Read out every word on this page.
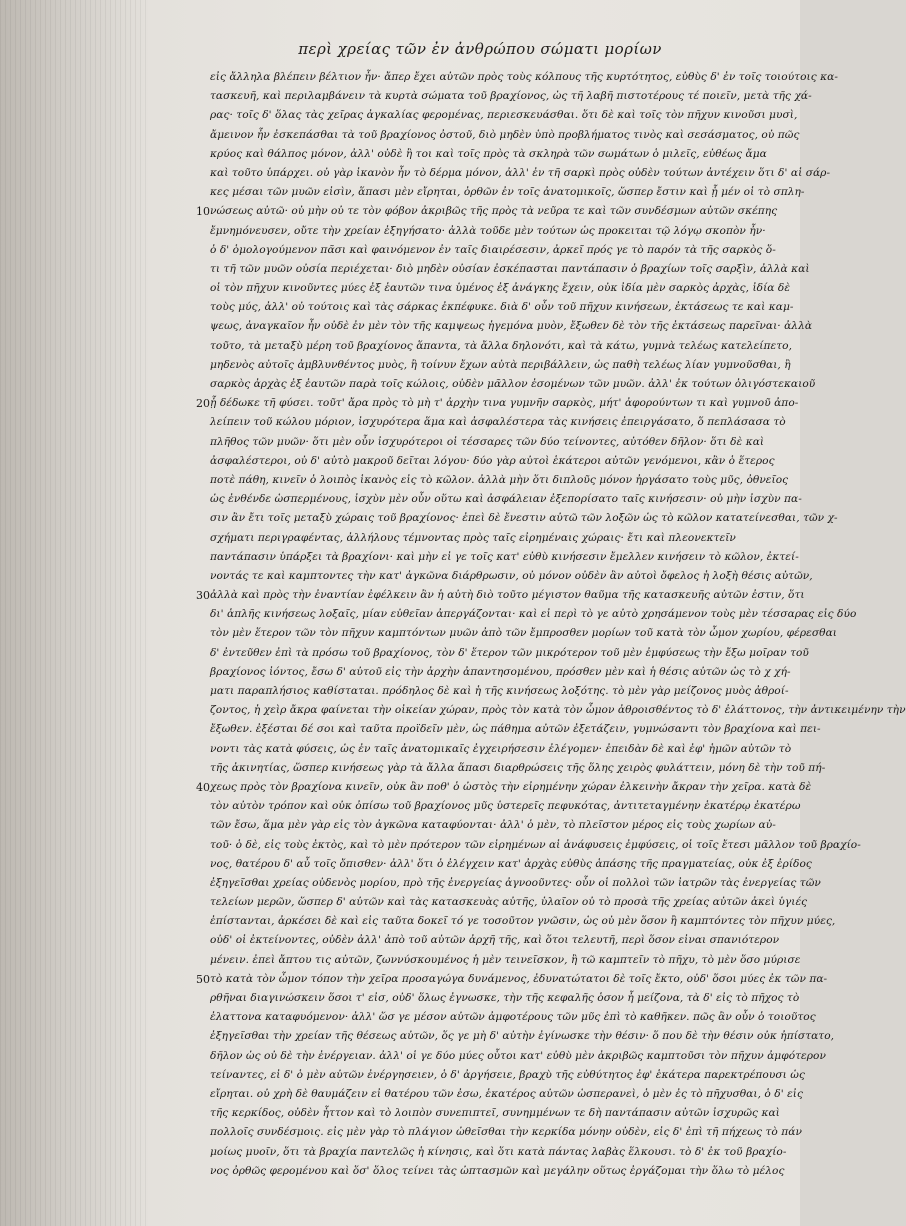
περὶ χρείας τῶν ἐν ἀνθρώπου σώματι μορίων
10
20
30
40
50
εἰς ἄλληλα βλέπειν βέλτιον ἦν· ἄπερ ἔχει αὐτῶν πρὸς τοὺς κόλπους τῆς κυρτότητος, εὐθὺς δ' ἐν τοῖς τοιούτοις κα-
τασκευῆ, καὶ περιλαμβάνειν τὰ κυρτὰ σώματα τοῦ βραχίονος, ὡς τῆ λαβῆ πιστοτέρους τέ ποιεῖν, μετὰ τῆς χά-
ρας· τοῖς δ' ὅλας τὰς χεῖρας ἀγκαλίας φερομένας, περιεσκευάσθαι. ὅτι δὲ καὶ τοῖς τὸν πῆχυν κινοῦσι μυσὶ,
ἄμεινον ἦν ἐσκεπάσθαι τὰ τοῦ βραχίονος ὀστοῦ, διὸ μηδὲν ὑπὸ προβλήματος τινὸς καὶ σεσάσματος, οὐ πῶς
κρύος καὶ θάλπος μόνον, ἀλλ' οὐδὲ ἢ τοι καὶ τοῖς πρὸς τὰ σκληρὰ τῶν σωμάτων ὁ μιλεῖς, εὐθέως ἄμα
καὶ τοῦτο ὑπάρχει. οὐ γὰρ ἱκανὸν ἦν τὸ δέρμα μόνον, ἀλλ' ἐν τῆ σαρκὶ πρὸς οὐδὲν τούτων ἀντέχειν ὅτι δ' αἱ σάρ-
κες μέσαι τῶν μυῶν εἰσὶν, ἅπασι μὲν εἴρηται, ὀρθῶν ἐν τοῖς ἀνατομικοῖς, ὥσπερ ἔστιν καὶ ᾗ μέν οἱ τὸ σπλη-
νώσεως αὐτῶ· οὐ μὴν οὐ τε τὸν φόβον ἀκριβῶς τῆς πρὸς τὰ νεῦρα τε καὶ τῶν συνδέσμων αὐτῶν σκέπης
ἔμνημόνευσεν, οὔτε τὴν χρείαν ἐξηγήσατο· ἀλλὰ τοῦδε μὲν τούτων ὡς προκειται τῷ λόγῳ σκοπὸν ἦν·
ὁ δ' ὁμολογούμενον πᾶσι καὶ φαινόμενον ἐν ταῖς διαιρέσεσιν, ἀρκεῖ πρός γε τὸ παρόν τὰ τῆς σαρκὸς ὅ-
τι τῆ τῶν μυῶν οὐσία περιέχεται· διὸ μηδὲν οὐσίαν ἐσκέπασται παντάπασιν ὁ βραχίων τοῖς σαρξὶν, ἀλλὰ καὶ
οἱ τὸν πῆχυν κινοῦντες μύες ἐξ ἑαυτῶν τινα ὑμένος ἐξ ἀνάγκης ἔχειν, οὐκ ἰδία μὲν σαρκὸς ἀρχὰς, ἰδία δὲ
τοὺς μύς, ἀλλ' οὐ τούτοις καὶ τὰς σάρκας ἐκπέφυκε. διὰ δ' οὖν τοῦ πῆχυν κινήσεων, ἐκτάσεως τε καὶ καμ-
ψεως, ἀναγκαῖον ἦν οὐδὲ ἐν μὲν τὸν τῆς καμψεως ἡγεμόνα μυὸν, ἔξωθεν δὲ τὸν τῆς ἐκτάσεως παρεῖναι· ἀλλὰ
τοῦτο, τὰ μεταξὺ μέρη τοῦ βραχίονος ἅπαντα, τὰ ἄλλα δηλονότι, καὶ τὰ κάτω, γυμνὰ τελέως κατελείπετο,
μηδενὸς αὐτοῖς ἀμβλυνθέντος μυὸς, ἢ τοίνυν ἔχων αὐτὰ περιβάλλειν, ὡς παθὴ τελέως λίαν γυμνοῦσθαι, ἢ
σαρκὸς ἀρχὰς ἐξ ἑαυτῶν παρὰ τοῖς κώλοις, οὐδὲν μᾶλλον ἐσομένων τῶν μυῶν. ἀλλ' ἐκ τούτων ὀλιγόστεκαιοῦ
ᾗ δέδωκε τῆ φύσει. τοῦτ' ἄρα πρὸς τὸ μὴ τ' ἀρχὴν τινα γυμνῆν σαρκὸς, μήτ' ἀφορούντων τι καὶ γυμνοῦ ἀπο-
λείπειν τοῦ κώλου μόριον, ἰσχυρότερα ἅμα καὶ ἀσφαλέστερα τὰς κινήσεις ἐπειργάσατο, ὅ πεπλάσασα τὸ
πλῆθος τῶν μυῶν· ὅτι μὲν οὖν ἰσχυρότεροι οἱ τέσσαρες τῶν δύο τείνοντες, αὐτόθεν δῆλον· ὅτι δὲ καὶ
ἀσφαλέστεροι, οὐ δ' αὐτὸ μακροῦ δεῖται λόγου· δύο γὰρ αὐτοὶ ἑκάτεροι αὐτῶν γενόμενοι, κἂν ὁ ἕτερος
ποτὲ πάθη, κινεῖν ὁ λοιπὸς ἱκανὸς εἰς τὸ κῶλον. ἀλλὰ μὴν ὅτι διπλοῦς μόνον ἠργάσατο τοὺς μῦς, ὀθνεῖος
ὡς ἐνθένδε ὡσπερμένους, ἰσχὺν μὲν οὖν οὕτω καὶ ἀσφάλειαν ἐξεπορίσατο ταῖς κινήσεσιν· οὐ μὴν ἰσχὺν πα-
σιν ἂν ἔτι τοῖς μεταξὺ χώραις τοῦ βραχίονος· ἐπεὶ δὲ ἔνεστιν αὐτῶ τῶν λοξῶν ὡς τὸ κῶλον κατατείνεσθαι, τῶν χ-
σχήματι περιγραφέντας, ἀλλήλους τέμνοντας πρὸς ταῖς εἰρημέναις χώραις· ἔτι καὶ πλεονεκτεῖν
παντάπασιν ὑπάρξει τὰ βραχίονι· καὶ μὴν εἰ γε τοῖς κατ' εὐθὺ κινήσεσιν ἔμελλεν κινήσειν τὸ κῶλον, ἐκτεί-
νοντάς τε καὶ καμπτοντες τὴν κατ' ἀγκῶνα διάρθρωσιν, οὐ μόνον οὐδὲν ἂν αὐτοὶ ὄφελος ἡ λοξὴ θέσις αὐτῶν,
ἀλλὰ καὶ πρὸς τὴν ἐναντίαν ἐφέλκειν ἂν ἡ αὐτὴ διὸ τοῦτο μέγιστον θαῦμα τῆς κατασκευῆς αὐτῶν ἐστιν, ὅτι
δι' ἁπλῆς κινήσεως λοξαῖς, μίαν εὐθεῖαν ἀπεργάζονται· καὶ εἰ περὶ τὸ γε αὐτὸ χρησάμενον τοὺς μὲν τέσσαρας εἰς δύο
τὸν μὲν ἕτερον τῶν τὸν πῆχυν καμπτόντων μυῶν ἀπὸ τῶν ἔμπροσθεν μορίων τοῦ κατὰ τὸν ὦμον χωρίου, φέρεσθαι
δ' ἐντεῦθεν ἐπὶ τὰ πρόσω τοῦ βραχίονος, τὸν δ' ἕτερον τῶν μικρότερον τοῦ μὲν ἐμφύσεως τὴν ἔξω μοῖραν τοῦ
βραχίονος ἰόντος, ἔσω δ' αὐτοῦ εἰς τὴν ἀρχὴν ἀπαντησομένου, πρόσθεν μὲν καὶ ἡ θέσις αὐτῶν ὡς τὸ χ χή-
ματι παραπλήσιος καθίσταται. πρόδηλος δὲ καὶ ἡ τῆς κινήσεως λοξότης. τὸ μὲν γὰρ μείζονος μυὸς ἀθροί-
ζοντος, ἡ χεὶρ ἄκρα φαίνεται τὴν οἰκείαν χώραν, πρὸς τὸν κατὰ τὸν ὦμον ἀθροισθέντος τὸ δ' ἐλάττονος, τὴν ἀντικειμένην τὴν
ἔξωθεν. ἐξέσται δέ σοι καὶ ταῦτα προϊδεῖν μὲν, ὡς πάθημα αὐτῶν ἐξετάζειν, γυμνώσαντι τὸν βραχίονα καὶ πει-
νοντι τὰς κατὰ φύσεις, ὡς ἐν ταῖς ἀνατομικαῖς ἐγχειρήσεσιν ἐλέγομεν· ἐπειδὰν δὲ καὶ ἐφ' ἡμῶν αὐτῶν τὸ
τῆς ἀκινητίας, ὥσπερ κινήσεως γὰρ τὰ ἄλλα ἅπασι διαρθρώσεις τῆς ὅλης χειρὸς φυλάττειν, μόνη δὲ τὴν τοῦ πή-
χεως πρὸς τὸν βραχίονα κινεῖν, οὐκ ἂν ποθ' ὁ ὠστὸς τὴν εἰρημένην χώραν ἐλκεινὴν ἄκραν τὴν χεῖρα. κατὰ δὲ
τὸν αὐτὸν τρόπον καὶ οὐκ ὀπίσω τοῦ βραχίονος μῦς ὑστερεῖς πεφυκότας, ἀντιτεταγμένην ἑκατέρῳ ἐκατέρω
τῶν ἔσω, ἅμα μὲν γὰρ εἰς τὸν ἀγκῶνα καταφύονται· ἀλλ' ὁ μὲν, τὸ πλεῖστον μέρος εἰς τοὺς χωρίων αὐ-
τοῦ· ὁ δὲ, εἰς τοὺς ἐκτὸς, καὶ τὸ μὲν πρότερον τῶν εἰρημένων αἱ ἀνάφυσεις ἐμφύσεις, οἱ τοῖς ἔτεσι μᾶλλον τοῦ βραχίο-
νος, θατέρου δ' αὖ τοῖς ὄπισθεν· ἀλλ' ὅτι ὁ ἐλέγχειν κατ' ἀρχὰς εὐθὺς ἁπάσης τῆς πραγματείας, οὐκ ἐξ ἐρίδος
ἐξηγεῖσθαι χρείας οὐδενὸς μορίου, πρὸ τῆς ἐνεργείας ἀγνοοῦντες· οὖν οἱ πολλοὶ τῶν ἰατρῶν τὰς ἐνεργείας τῶν
τελείων μερῶν, ὥσπερ δ' αὐτῶν καὶ τὰς κατασκευὰς αὐτῆς, ὑλαῖον οὐ τὸ προσὰ τῆς χρείας αὐτῶν ἀκεὶ ὑγιές
ἐπίστανται, ἀρκέσει δὲ καὶ εἰς ταῦτα δοκεῖ τό γε τοσοῦτον γνῶσιν, ὡς οὐ μὲν ὅσον ἢ καμπτόντες τὸν πῆχυν μύες,
οὐδ' οἱ ἐκτείνοντες, οὐδὲν ἀλλ' ἀπὸ τοῦ αὐτῶν ἀρχῆ τῆς, καὶ ὅτοι τελευτῆ, περὶ ὅσον εἰναι σπανιότερον
μένειν. ἐπεὶ ἄπτου τις αὐτῶν, ζωννύσκουμένος ἡ μὲν τεινεῖσκον, ἢ τῶ καμπτεῖν τὸ πῆχυ, τὸ μὲν ὅσο μύρισε
τὸ κατὰ τὸν ὦμον τόπον τὴν χεῖρα προσαγώγα δυνάμενος, ἐδυνατώτατοι δὲ τοῖς ἔκτο, οὐδ' ὅσοι μύες ἐκ τῶν πα-
ρθῆναι διαγινώσκειν ὅσοι τ' εἰσ, οὐδ' ὅλως ἐγνωσκε, τὴν τῆς κεφαλῆς ὁσον ἦ μείζονα, τὰ δ' εἰς τὸ πῆχος τὸ
ἐλαττονα καταφυόμενον· ἀλλ' ὥσ γε μέσον αὐτῶν ἀμφοτέρους τῶν μῦς ἐπὶ τὸ καθῆκεν. πῶς ἂν οὖν ὁ τοιοῦτος
ἐξηγεῖσθαι τὴν χρείαν τῆς θέσεως αὐτῶν, ὅς γε μὴ δ' αὐτὴν ἐγίνωσκε τὴν θέσιν· ὅ που δὲ τὴν θέσιν οὐκ ἠπίστατο,
δῆλον ὡς οὐ δὲ τὴν ἐνέργειαν. ἀλλ' οἱ γε δύο μύες οὗτοι κατ' εὐθὺ μὲν ἀκριβῶς καμπτοῦσι τὸν πῆχυν ἀμφότερον
τείναντες, εἰ δ' ὁ μὲν αὐτῶν ἐνέργησειεν, ὁ δ' ἀργήσειε, βραχὺ τῆς εὐθύτητος ἐφ' ἑκάτερα παρεκτρέπουσι ὡς
εἴρηται. οὐ χρὴ δὲ θαυμάζειν εἰ θατέρου τῶν ἐσω, ἑκατέρος αὐτῶν ὡσπερανεὶ, ὁ μὲν ἐς τὸ πῆχυσθαι, ὁ δ' εἰς
τῆς κερκίδος, οὐδὲν ἧττον καὶ τὸ λοιπὸν συνεπιπτεῖ, συνημμένων τε δὴ παντάπασιν αὐτῶν ἰσχυρῶς καὶ
πολλοῖς συνδέσμοις. εἰς μὲν γὰρ τὸ πλάγιον ὠθεῖσθαι τὴν κερκίδα μόνην οὐδὲν, εἰς δ' ἐπὶ τῆ πήχεως τὸ πάν
μοίως μυοῖν, ὅτι τὰ βραχία παντελῶς ἡ κίνησις, καὶ ὅτι κατὰ πάντας λαβὰς ἕλκουσι. τὸ δ' ἐκ τοῦ βραχίο-
νος ὀρθῶς φερομένου καὶ ὅσ' ὅλος τείνει τὰς ὠπτασμῶν καὶ μεγάλην οὕτως ἐργάζομαι τὴν ὅλω τὸ μέλος
